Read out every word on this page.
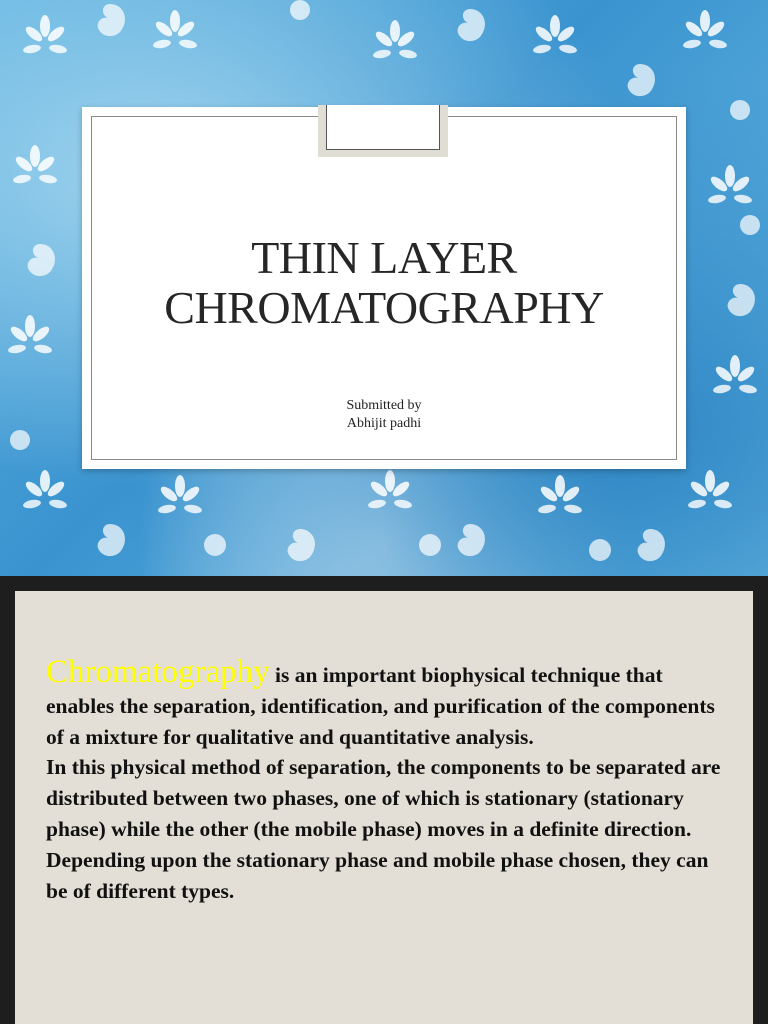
THIN LAYER
CHROMATOGRAPHY
Submitted by
Abhijit padhi

Chromatography is an important biophysical technique that enables the separation, identification, and purification of the components of a mixture for qualitative and quantitative analysis.
In this physical method of separation, the components to be separated are distributed between two phases, one of which is stationary (stationary phase) while the other (the mobile phase) moves in a definite direction. Depending upon the stationary phase and mobile phase chosen, they can be of different types.
